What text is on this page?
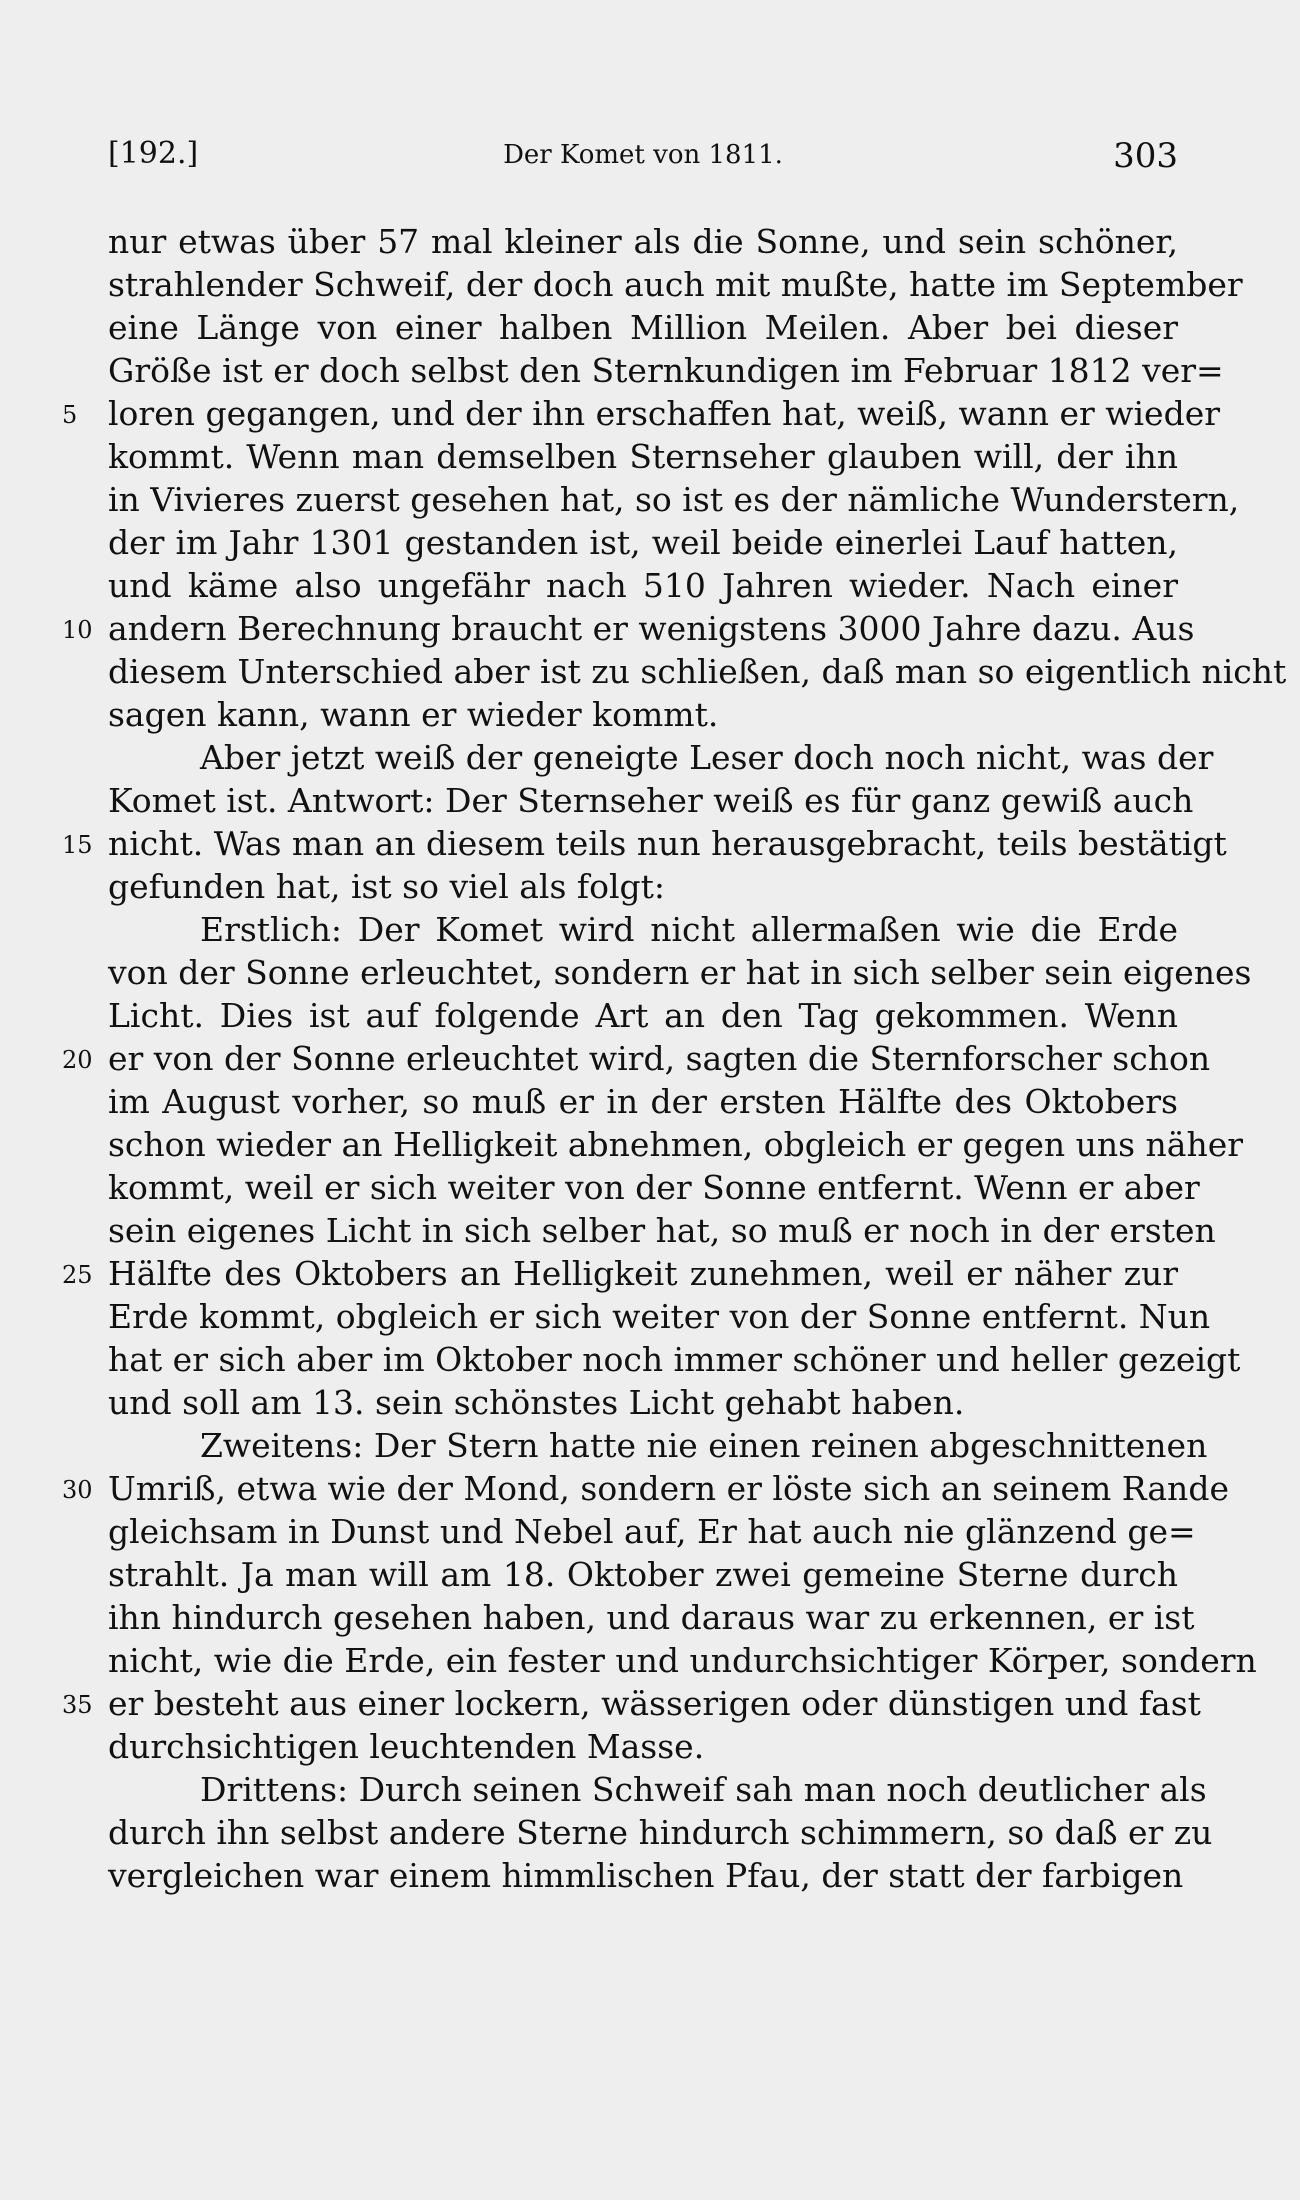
[192.]	Der Komet von 1811.	303
nur etwas über 57 mal kleiner als die Sonne, und sein schöner,
strahlender Schweif, der doch auch mit mußte, hatte im September
eine Länge von einer halben Million Meilen. Aber bei dieser
Größe ist er doch selbst den Sternkundigen im Februar 1812 ver=
5 loren gegangen, und der ihn erschaffen hat, weiß, wann er wieder
kommt. Wenn man demselben Sternseher glauben will, der ihn
in Vivieres zuerst gesehen hat, so ist es der nämliche Wunderstern,
der im Jahr 1301 gestanden ist, weil beide einerlei Lauf hatten,
und käme also ungefähr nach 510 Jahren wieder. Nach einer
10 andern Berechnung braucht er wenigstens 3000 Jahre dazu. Aus
diesem Unterschied aber ist zu schließen, daß man so eigentlich nicht
sagen kann, wann er wieder kommt.
Aber jetzt weiß der geneigte Leser doch noch nicht, was der
Komet ist. Antwort: Der Sternseher weiß es für ganz gewiß auch
15 nicht. Was man an diesem teils nun herausgebracht, teils bestätigt
gefunden hat, ist so viel als folgt:
Erstlich: Der Komet wird nicht allermaßen wie die Erde
von der Sonne erleuchtet, sondern er hat in sich selber sein eigenes
Licht. Dies ist auf folgende Art an den Tag gekommen. Wenn
20 er von der Sonne erleuchtet wird, sagten die Sternforscher schon
im August vorher, so muß er in der ersten Hälfte des Oktobers
schon wieder an Helligkeit abnehmen, obgleich er gegen uns näher
kommt, weil er sich weiter von der Sonne entfernt. Wenn er aber
sein eigenes Licht in sich selber hat, so muß er noch in der ersten
25 Hälfte des Oktobers an Helligkeit zunehmen, weil er näher zur
Erde kommt, obgleich er sich weiter von der Sonne entfernt. Nun
hat er sich aber im Oktober noch immer schöner und heller gezeigt
und soll am 13. sein schönstes Licht gehabt haben.
Zweitens: Der Stern hatte nie einen reinen abgeschnittenen
30 Umriß, etwa wie der Mond, sondern er löste sich an seinem Rande
gleichsam in Dunst und Nebel auf, Er hat auch nie glänzend ge=
strahlt. Ja man will am 18. Oktober zwei gemeine Sterne durch
ihn hindurch gesehen haben, und daraus war zu erkennen, er ist
nicht, wie die Erde, ein fester und undurchsichtiger Körper, sondern
35 er besteht aus einer lockern, wässerigen oder dünstigen und fast
durchsichtigen leuchtenden Masse.
Drittens: Durch seinen Schweif sah man noch deutlicher als
durch ihn selbst andere Sterne hindurch schimmern, so daß er zu
vergleichen war einem himmlischen Pfau, der statt der farbigen
